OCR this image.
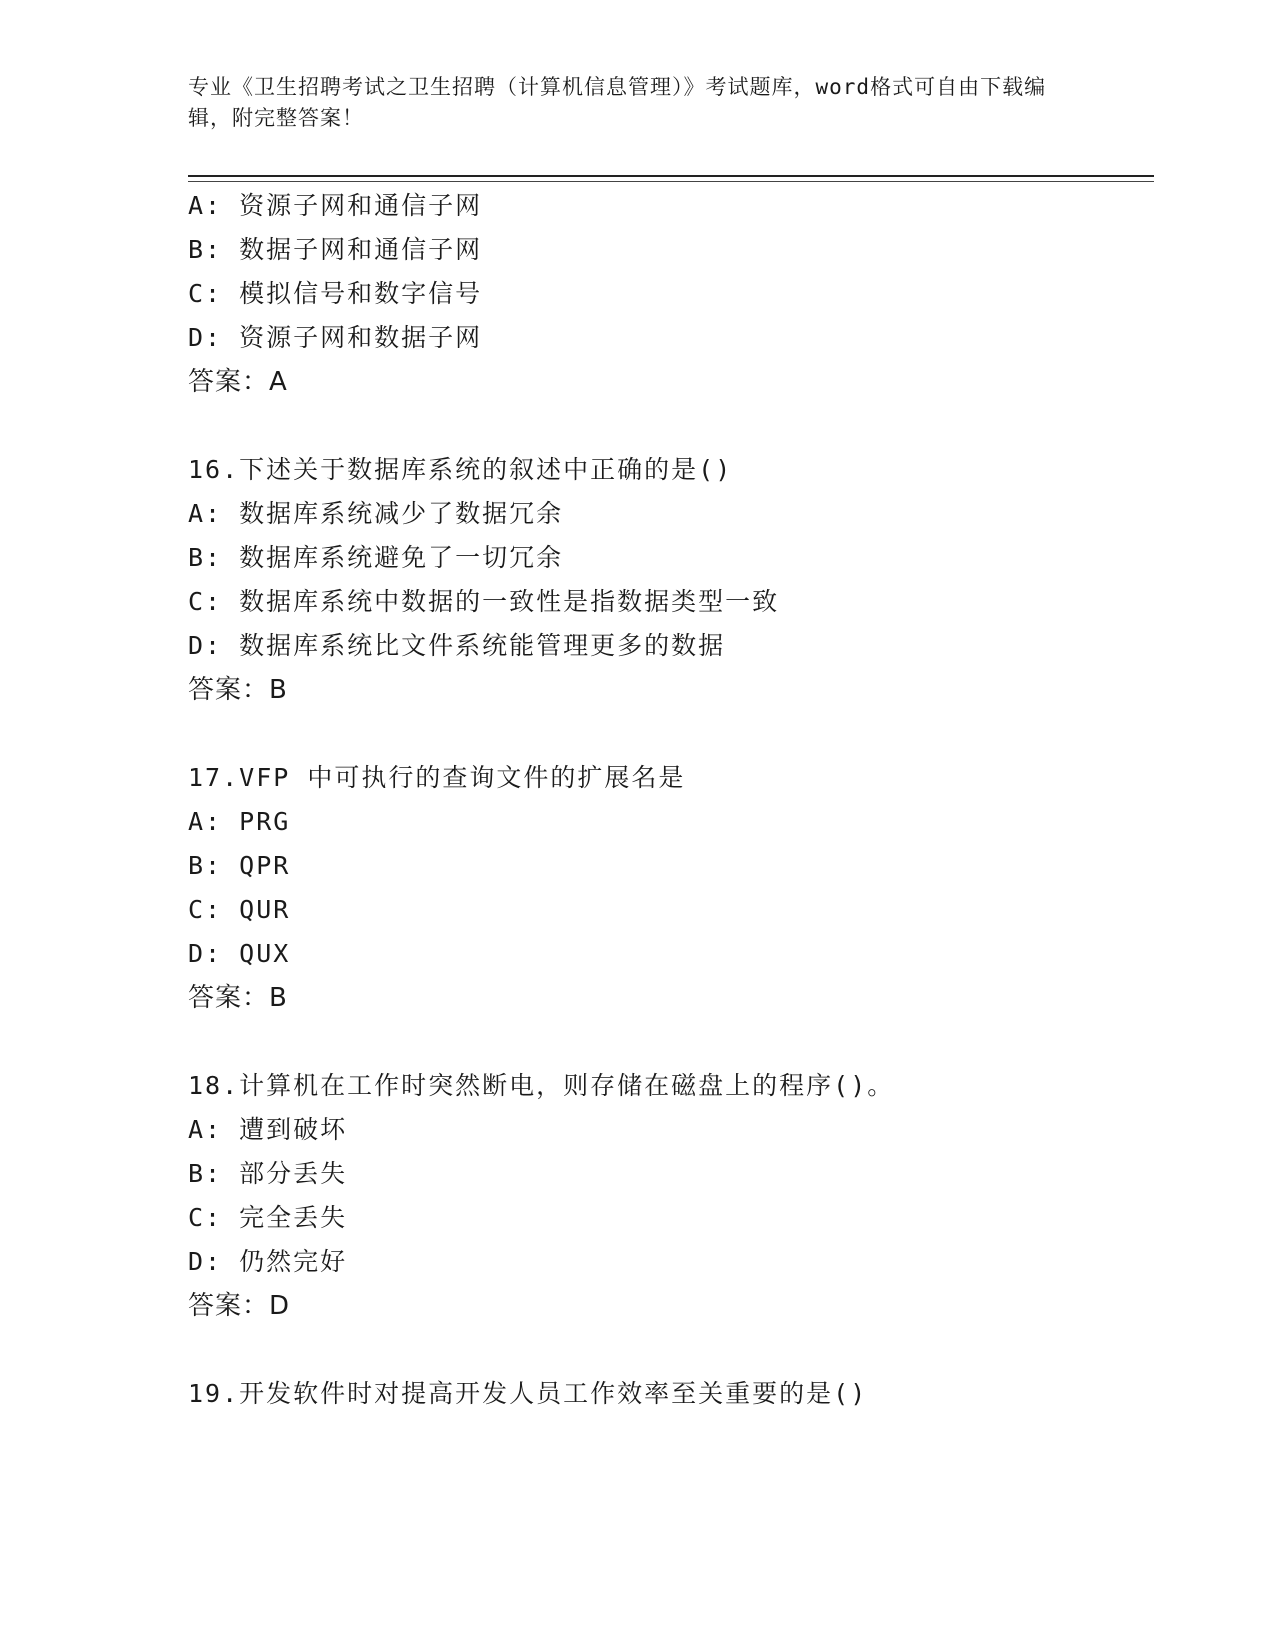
专业《卫生招聘考试之卫生招聘（计算机信息管理）》考试题库，word格式可自由下载编辑，附完整答案！
A: 资源子网和通信子网
B: 数据子网和通信子网
C: 模拟信号和数字信号
D: 资源子网和数据子网
答案：A
16.下述关于数据库系统的叙述中正确的是()
A: 数据库系统减少了数据冗余
B: 数据库系统避免了一切冗余
C: 数据库系统中数据的一致性是指数据类型一致
D: 数据库系统比文件系统能管理更多的数据
答案：B
17.VFP 中可执行的查询文件的扩展名是
A: PRG
B: QPR
C: QUR
D: QUX
答案：B
18.计算机在工作时突然断电，则存储在磁盘上的程序()。
A: 遭到破坏
B: 部分丢失
C: 完全丢失
D: 仍然完好
答案：D
19.开发软件时对提高开发人员工作效率至关重要的是()
